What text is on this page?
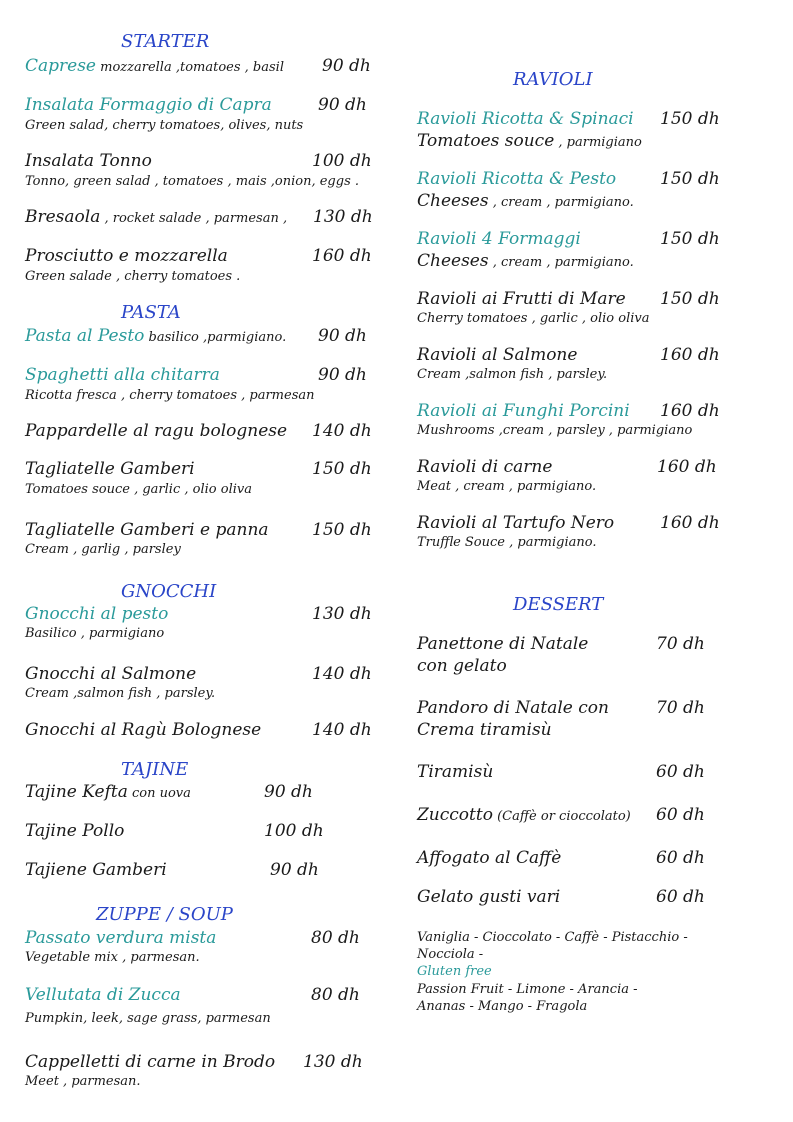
STARTER
Caprese mozzarella ,tomatoes , basil 90 dh
Insalata Formaggio di Capra	90 dh
Green salad, cherry tomatoes, olives, nuts
Insalata Tonno	100 dh
Tonno, green salad , tomatoes , mais ,onion, eggs .
Bresaola , rocket salade , parmesan , 130 dh
Prosciutto e mozzarella	160 dh
Green salade , cherry tomatoes .
PASTA
Pasta al Pesto basilico ,parmigiano. 90 dh
Spaghetti alla chitarra	90 dh
Ricotta fresca , cherry tomatoes , parmesan
Pappardelle al ragu bolognese 140 dh
Tagliatelle Gamberi	150 dh
Tomatoes souce , garlic , olio oliva
Tagliatelle Gamberi e panna	150 dh
Cream , garlig , parsley
GNOCCHI
Gnocchi al pesto	130 dh
Basilico , parmigiano
Gnocchi al Salmone	140 dh
Cream ,salmon fish , parsley.
Gnocchi al Ragù Bolognese	140 dh
TAJINE
Tajine Kefta con uova	90 dh
Tajine Pollo	100 dh
Tajiene Gamberi	90 dh
ZUPPE / SOUP
Passato verdura mista	80 dh
Vegetable mix , parmesan.
Vellutata di Zucca	80 dh
Pumpkin, leek, sage grass, parmesan
Cappelletti di carne in Brodo 130 dh
Meet , parmesan.
RAVIOLI
Ravioli Ricotta & Spinaci 150 dh
Tomatoes souce , parmigiano
Ravioli Ricotta & Pesto	150 dh
Cheeses , cream , parmigiano.
Ravioli 4 Formaggi	150 dh
Cheeses , cream , parmigiano.
Ravioli ai Frutti di Mare 150 dh
Cherry tomatoes , garlic , olio oliva
Ravioli al Salmone	160 dh
Cream ,salmon fish , parsley.
Ravioli ai Funghi Porcini 160 dh
Mushrooms ,cream , parsley , parmigiano
Ravioli di carne	160 dh
Meat , cream , parmigiano.
Ravioli al Tartufo Nero	160 dh
Truffle Souce , parmigiano.
DESSERT
Panettone di Natale	70 dh
con gelato
Pandoro di Natale con	70 dh
Crema tiramisù
Tiramisù	60 dh
Zuccotto (Caffè or cioccolato) 60 dh
Affogato al Caffè	60 dh
Gelato gusti vari	60 dh
Vaniglia - Cioccolato - Caffè - Pistacchio -
Nocciola -
Gluten free
Passion Fruit - Limone - Arancia -
Ananas - Mango - Fragola
